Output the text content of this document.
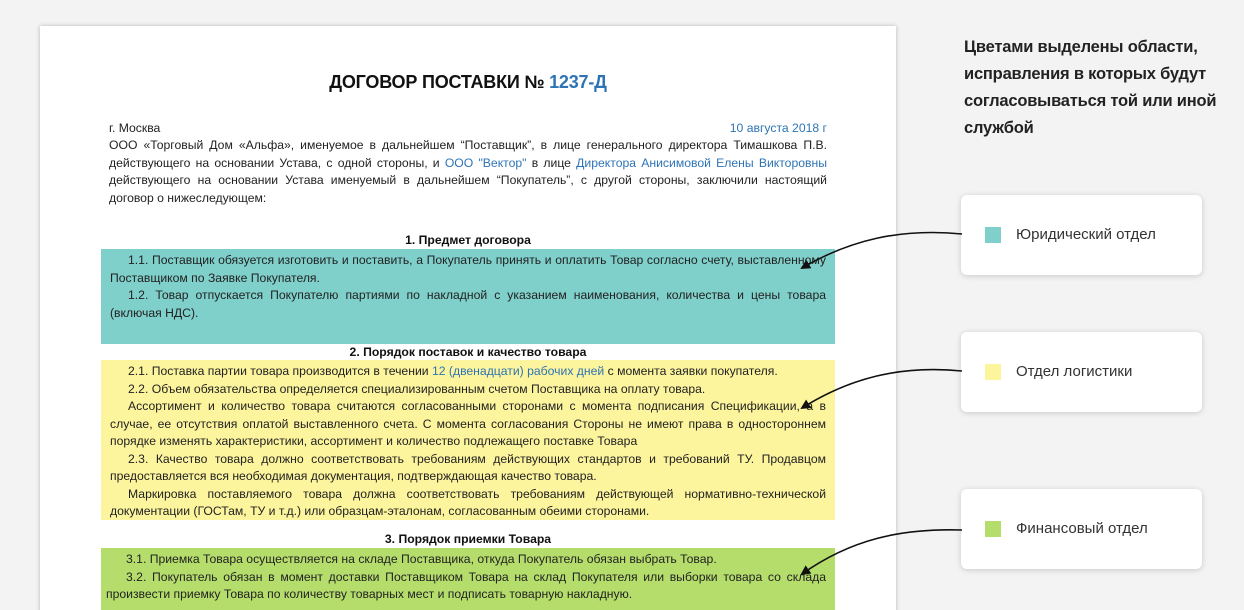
ДОГОВОР ПОСТАВКИ № 1237-Д
г. Москва	10 августа 2018 г
ООО «Торговый Дом «Альфа», именуемое в дальнейшем “Поставщик”, в лице генерального директора Тимашкова П.В. действующего на основании Устава, с одной стороны, и ООО "Вектор" в лице Директора Анисимовой Елены Викторовны действующего на основании Устава именуемый в дальнейшем “Покупатель”, с другой стороны, заключили настоящий договор о нижеследующем:
1. Предмет договора

1.1. Поставщик обязуется изготовить и поставить, а Покупатель принять и оплатить Товар согласно счету, выставленному Поставщиком по Заявке Покупателя.

1.2. Товар отпускается Покупателю партиями по накладной с указанием наименования, количества и цены товара (включая НДС).

2. Порядок поставок и качество товара

2.1. Поставка партии товара производится в течении 12 (двенадцати) рабочих дней с момента заявки покупателя.

2.2. Объем обязательства определяется специализированным счетом Поставщика на оплату товара.

Ассортимент и количество товара считаются согласованными сторонами с момента подписания Спецификации, а в случае, ее отсутствия оплатой выставленного счета. С момента согласования Стороны не имеют права в одностороннем порядке изменять характеристики, ассортимент и количество подлежащего поставке Товара

2.3. Качество товара должно соответствовать требованиям действующих стандартов и требований ТУ. Продавцом предоставляется вся необходимая документация, подтверждающая качество товара.

Маркировка поставляемого товара должна соответствовать требованиям действующей нормативно-технической документации (ГОСТам, ТУ и т.д.) или образцам-эталонам, согласованным обеими сторонами.

3. Порядок приемки Товара

3.1. Приемка Товара осуществляется на складе Поставщика, откуда Покупатель обязан выбрать Товар.

3.2. Покупатель обязан в момент доставки Поставщиком Товара на склад Покупателя или выборки товара со склада произвести приемку Товара по количеству товарных мест и подписать товарную накладную.

Цветами выделены области, исправления в которых будут согласовываться той или иной службой
Юридический отдел
Отдел логистики
Финансовый отдел
